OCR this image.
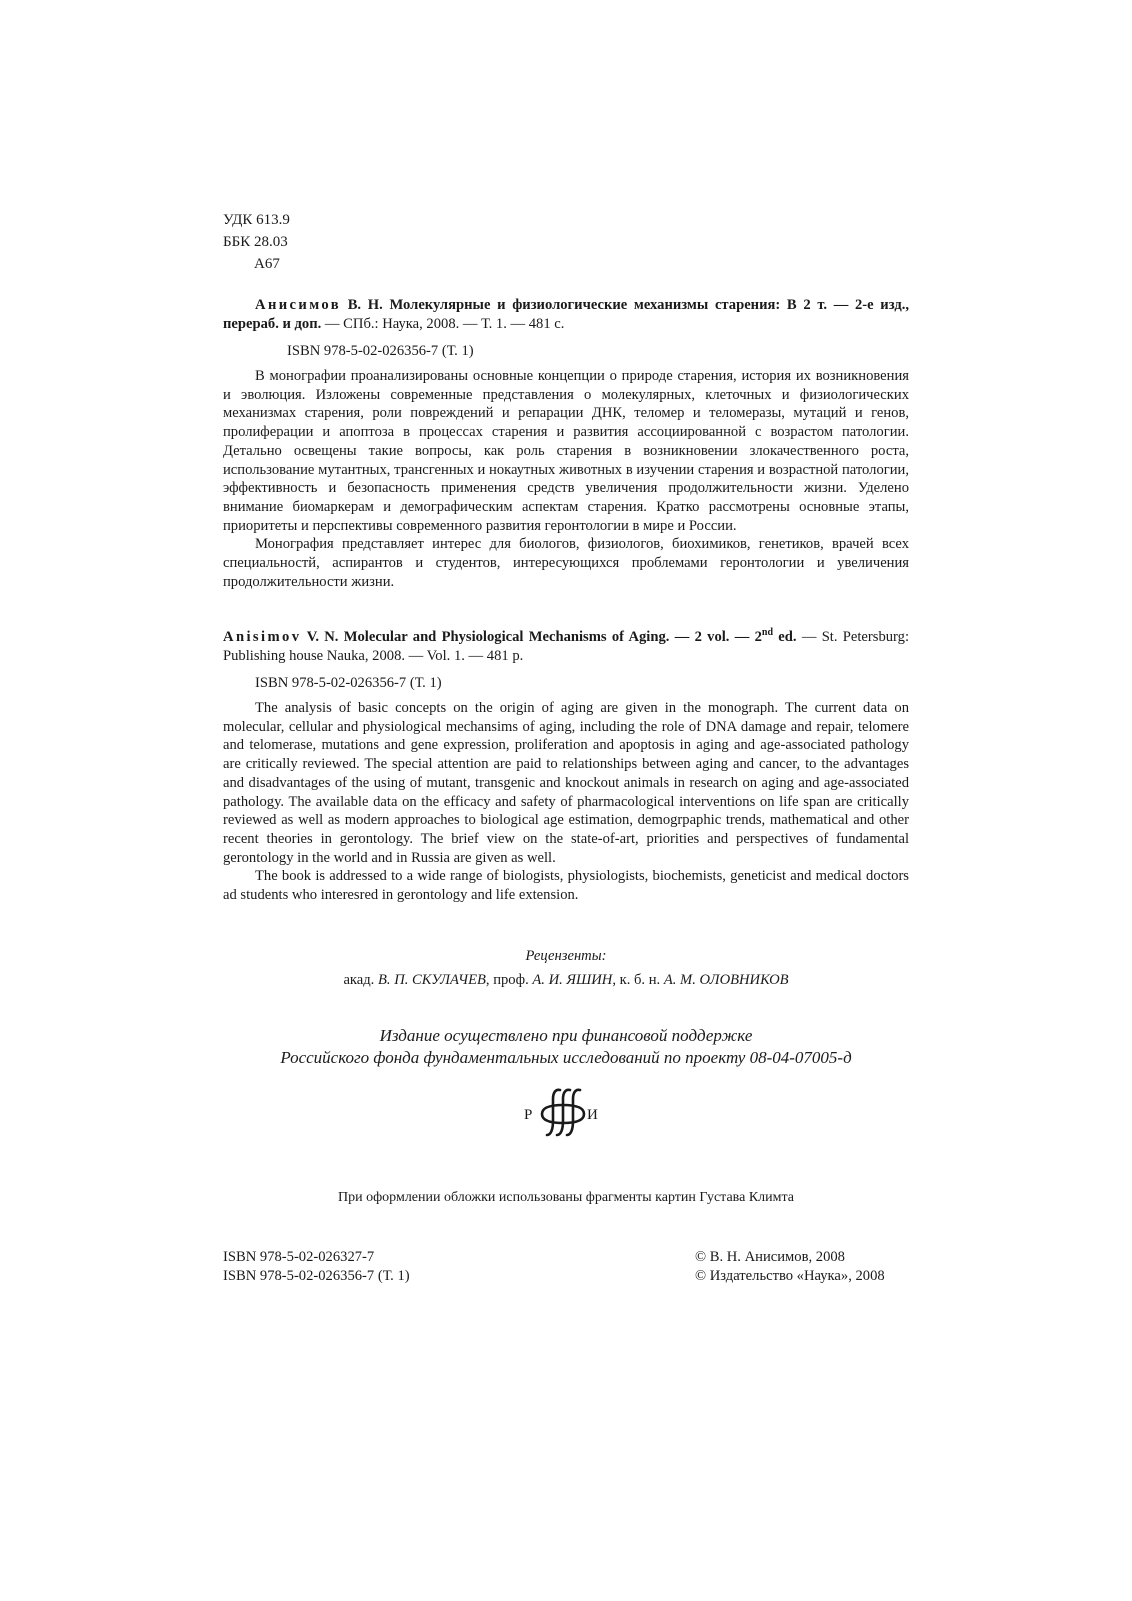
УДК 613.9
ББК 28.03
А67
Анисимов В. Н. Молекулярные и физиологические механизмы старения: В 2 т. — 2-е изд., перераб. и доп. — СПб.: Наука, 2008. — Т. 1. — 481 с.
ISBN 978-5-02-026356-7 (Т. 1)
В монографии проанализированы основные концепции о природе старения, история их возникновения и эволюция. Изложены современные представления о молекулярных, клеточных и физиологических механизмах старения, роли повреждений и репарации ДНК, теломер и теломеразы, мутаций и генов, пролиферации и апоптоза в процессах старения и развития ассоциированной с возрастом патологии. Детально освещены такие вопросы, как роль старения в возникновении злокачественного роста, использование мутантных, трансгенных и нокаутных животных в изучении старения и возрастной патологии, эффективность и безопасность применения средств увеличения продолжительности жизни. Уделено внимание биомаркерам и демографическим аспектам старения. Кратко рассмотрены основные этапы, приоритеты и перспективы современного развития геронтологии в мире и России.
Монография представляет интерес для биологов, физиологов, биохимиков, генетиков, врачей всех специальностй, аспирантов и студентов, интересующихся проблемами геронтологии и увеличения продолжительности жизни.
Anisimov V. N. Molecular and Physiological Mechanisms of Aging. — 2 vol. — 2nd ed. — St. Petersburg: Publishing house Nauka, 2008. — Vol. 1. — 481 p.
ISBN 978-5-02-026356-7 (Т. 1)
The analysis of basic concepts on the origin of aging are given in the monograph. The current data on molecular, cellular and physiological mechansims of aging, including the role of DNA damage and repair, telomere and telomerase, mutations and gene expression, proliferation and apoptosis in aging and age-associated pathology are critically reviewed. The special attention are paid to relationships between aging and cancer, to the advantages and disadvantages of the using of mutant, transgenic and knockout animals in research on aging and age-associated pathology. The available data on the efficacy and safety of pharmacological interventions on life span are critically reviewed as well as modern approaches to biological age estimation, demogrpaphic trends, mathematical and other recent theories in gerontology. The brief view on the state-of-art, priorities and perspectives of fundamental gerontology in the world and in Russia are given as well.
The book is addressed to a wide range of biologists, physiologists, biochemists, geneticist and medical doctors ad students who interesred in gerontology and life extension.
Рецензенты:
акад. В. П. СКУЛАЧЕВ, проф. А. И. ЯШИН, к. б. н. А. М. ОЛОВНИКОВ
Издание осуществлено при финансовой поддержке
Российского фонда фундаментальных исследований по проекту 08-04-07005-д
Р	И
При оформлении обложки использованы фрагменты картин Густава Климта
ISBN 978-5-02-026327-7
ISBN 978-5-02-026356-7 (Т. 1)
© В. Н. Анисимов, 2008
© Издательство «Наука», 2008
